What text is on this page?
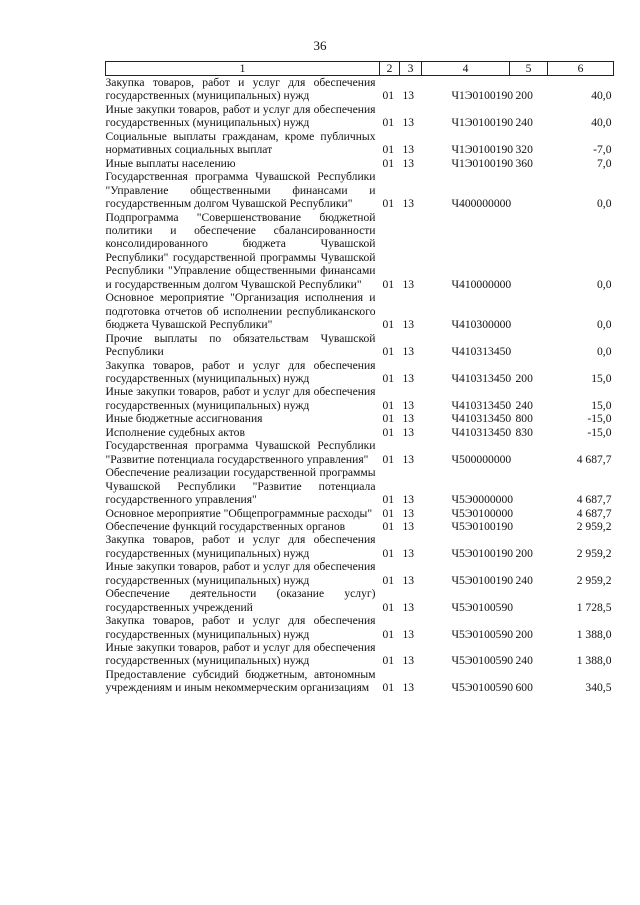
36
1	2	3	4	5	6
Закупка товаров, работ и услуг для обеспечения государственных (муниципальных) нужд	01	13	Ч1Э0100190	200	40,0
Иные закупки товаров, работ и услуг для обеспечения государственных (муниципальных) нужд	01	13	Ч1Э0100190	240	40,0
Социальные выплаты гражданам, кроме публичных нормативных социальных выплат	01	13	Ч1Э0100190	320	-7,0
Иные выплаты населению	01	13	Ч1Э0100190	360	7,0
Государственная программа Чувашской Республики "Управление общественными финансами и государственным долгом Чувашской Республики"	01	13	Ч400000000		0,0
Подпрограмма "Совершенствование бюджетной политики и обеспечение сбалансированности консолидированного бюджета Чувашской Республики" государственной программы Чувашской Республики "Управление общественными финансами и государственным долгом Чувашской Республики"	01	13	Ч410000000		0,0
Основное мероприятие "Организация исполнения и подготовка отчетов об исполнении республиканского бюджета Чувашской Республики"	01	13	Ч410300000		0,0
Прочие выплаты по обязательствам Чувашской Республики	01	13	Ч410313450		0,0
Закупка товаров, работ и услуг для обеспечения государственных (муниципальных) нужд	01	13	Ч410313450	200	15,0
Иные закупки товаров, работ и услуг для обеспечения государственных (муниципальных) нужд	01	13	Ч410313450	240	15,0
Иные бюджетные ассигнования	01	13	Ч410313450	800	-15,0
Исполнение судебных актов	01	13	Ч410313450	830	-15,0
Государственная программа Чувашской Республики "Развитие потенциала государственного управления"	01	13	Ч500000000		4 687,7
Обеспечение реализации государственной программы Чувашской Республики "Развитие потенциала государственного управления"	01	13	Ч5Э0000000		4 687,7
Основное мероприятие "Общепрограммные расходы"	01	13	Ч5Э0100000		4 687,7
Обеспечение функций государственных органов	01	13	Ч5Э0100190		2 959,2
Закупка товаров, работ и услуг для обеспечения государственных (муниципальных) нужд	01	13	Ч5Э0100190	200	2 959,2
Иные закупки товаров, работ и услуг для обеспечения государственных (муниципальных) нужд	01	13	Ч5Э0100190	240	2 959,2
Обеспечение деятельности (оказание услуг) государственных учреждений	01	13	Ч5Э0100590		1 728,5
Закупка товаров, работ и услуг для обеспечения государственных (муниципальных) нужд	01	13	Ч5Э0100590	200	1 388,0
Иные закупки товаров, работ и услуг для обеспечения государственных (муниципальных) нужд	01	13	Ч5Э0100590	240	1 388,0
Предоставление субсидий бюджетным, автономным учреждениям и иным некоммерческим организациям	01	13	Ч5Э0100590	600	340,5
